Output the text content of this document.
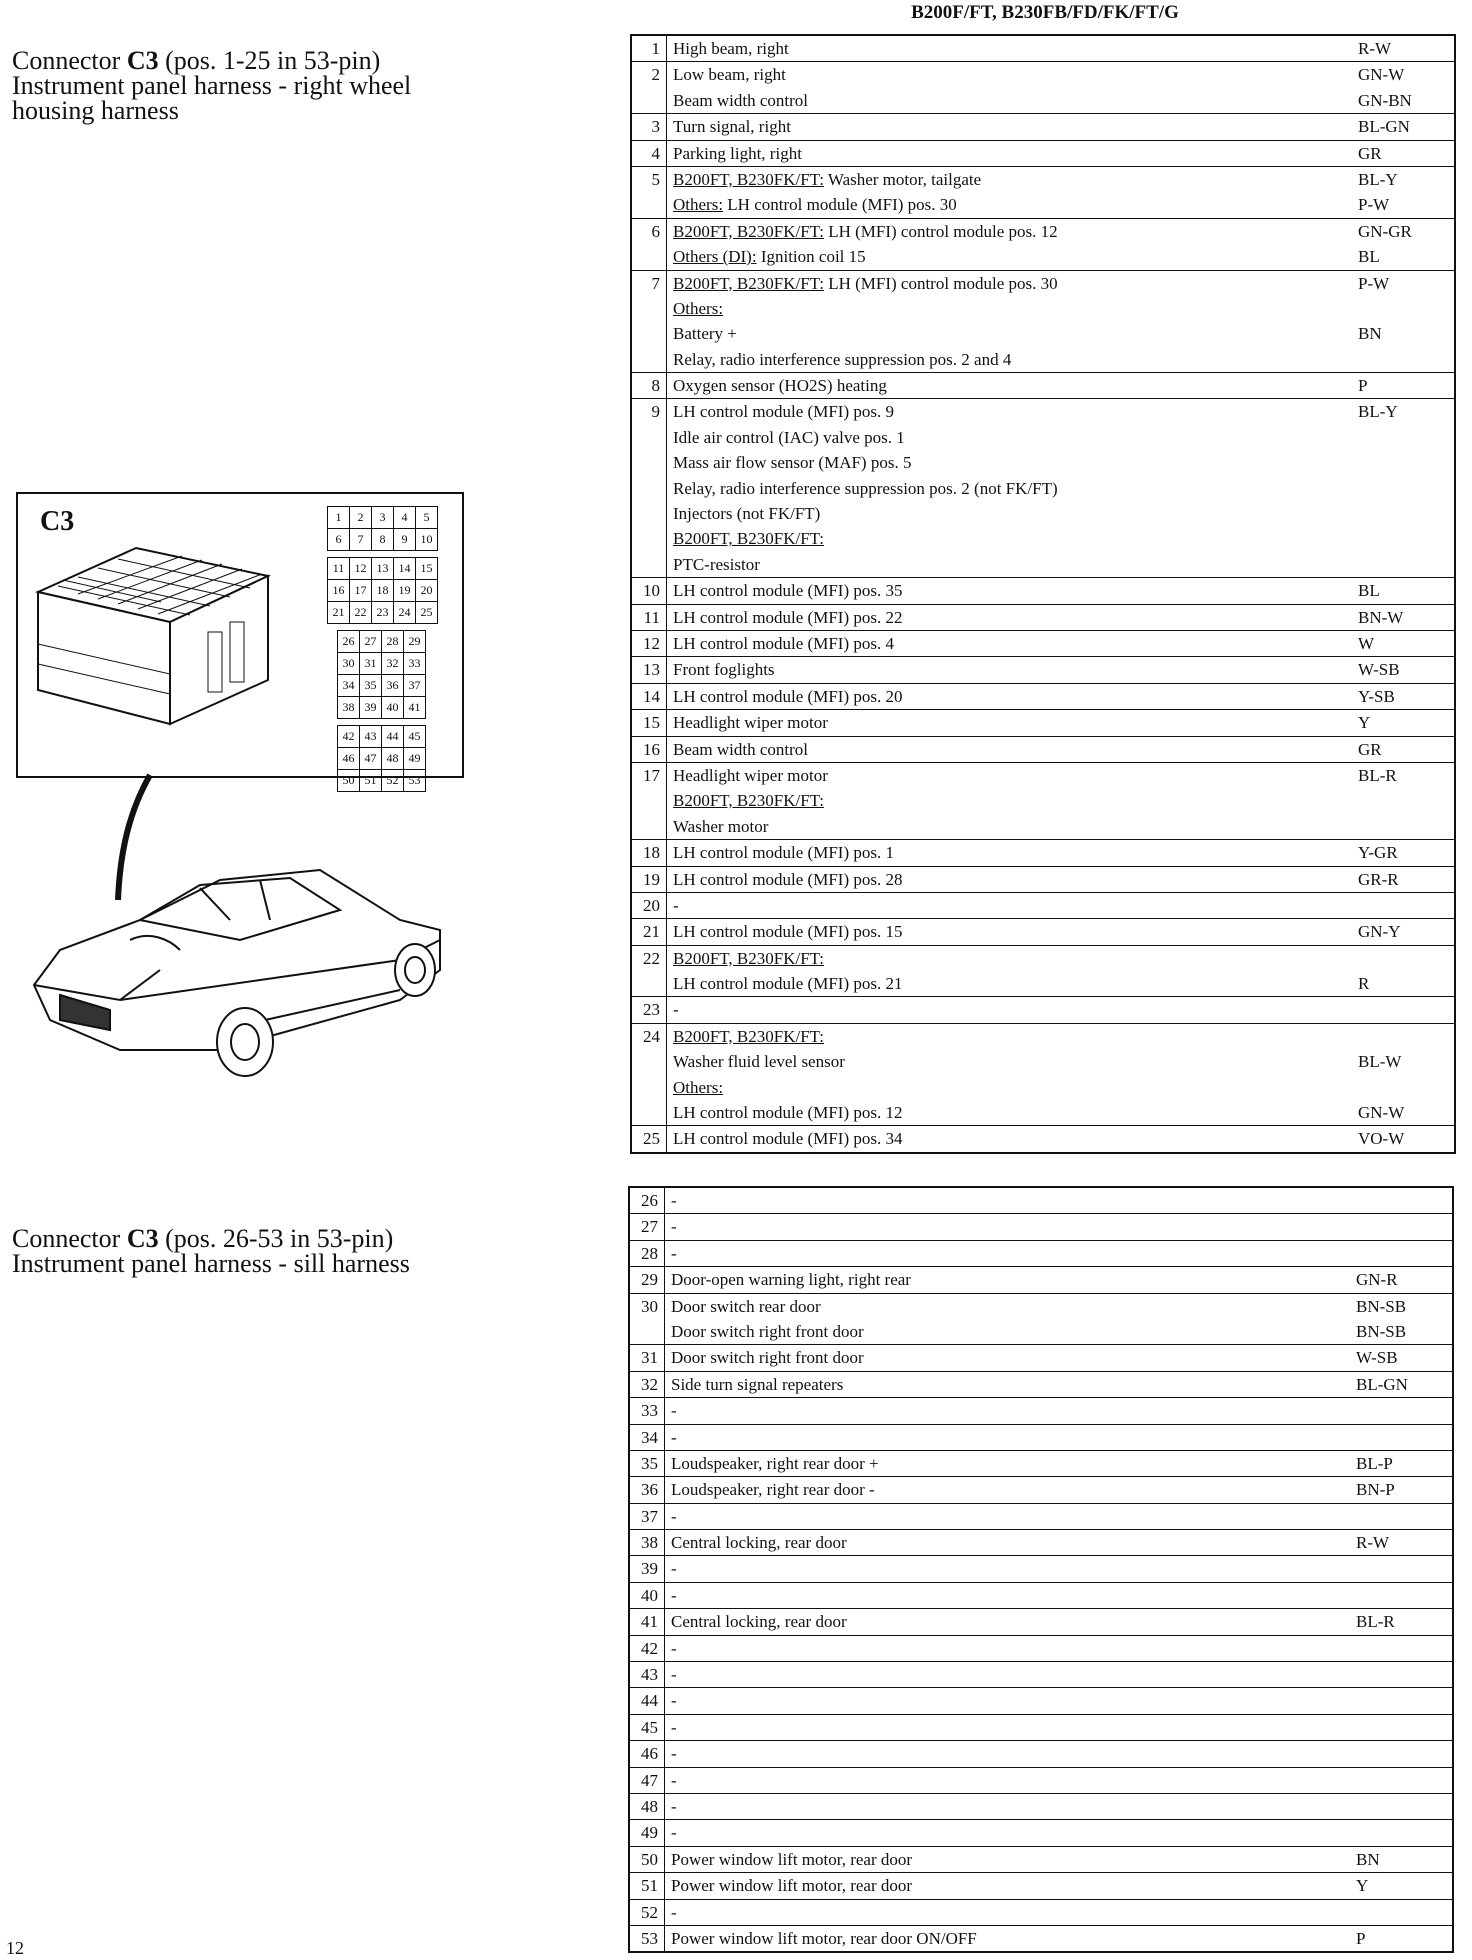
B200F/FT, B230FB/FD/FK/FT/G
Connector C3 (pos. 1-25 in 53-pin)
Instrument panel harness - right wheel
housing harness
C3	1	2	3	4	5
6	7	8	9	10
11 12 13 14 15
16 17 18 19 20
21 22 23 24 25
26 27 28 29
30 31 32 33
34 35 36 37
38 39 40 41
42 43 44 45
46 47 48 49
50 51 52 53
1	High beam, right	R-W
2	Low beam, right	GN-W
	Beam width control	GN-BN
3	Turn signal, right	BL-GN
4	Parking light, right	GR
5	B200FT, B230FK/FT: Washer motor, tailgate	BL-Y
	Others: LH control module (MFI) pos. 30	P-W
6	B200FT, B230FK/FT: LH (MFI) control module pos. 12	GN-GR
	Others (DI): Ignition coil 15	BL
7	B200FT, B230FK/FT: LH (MFI) control module pos. 30	P-W
	Others:	
	Battery +	BN
	Relay, radio interference suppression pos. 2 and 4	
8	Oxygen sensor (HO2S) heating	P
9	LH control module (MFI) pos. 9	BL-Y
	Idle air control (IAC) valve pos. 1	
	Mass air flow sensor (MAF) pos. 5	
	Relay, radio interference suppression pos. 2 (not FK/FT)	
	Injectors (not FK/FT)	
	B200FT, B230FK/FT:	
	PTC-resistor	
10	LH control module (MFI) pos. 35	BL
11	LH control module (MFI) pos. 22	BN-W
12	LH control module (MFI) pos. 4	W
13	Front foglights	W-SB
14	LH control module (MFI) pos. 20	Y-SB
15	Headlight wiper motor	Y
16	Beam width control	GR
17	Headlight wiper motor	BL-R
	B200FT, B230FK/FT:	
	Washer motor	
18	LH control module (MFI) pos. 1	Y-GR
19	LH control module (MFI) pos. 28	GR-R
20	-	
21	LH control module (MFI) pos. 15	GN-Y
22	B200FT, B230FK/FT:	
	LH control module (MFI) pos. 21	R
23	-	
24	B200FT, B230FK/FT:	
	Washer fluid level sensor	BL-W
	Others:	
	LH control module (MFI) pos. 12	GN-W
25	LH control module (MFI) pos. 34	VO-W
Connector C3 (pos. 26-53 in 53-pin)
Instrument panel harness - sill harness
26	-	
27	-	
28	-	
29	Door-open warning light, right rear	GN-R
30	Door switch rear door	BN-SB
	Door switch right front door	BN-SB
31	Door switch right front door	W-SB
32	Side turn signal repeaters	BL-GN
33	-	
34	-	
35	Loudspeaker, right rear door +	BL-P
36	Loudspeaker, right rear door -	BN-P
37	-	
38	Central locking, rear door	R-W
39	-	
40	-	
41	Central locking, rear door	BL-R
42	-	
43	-	
44	-	
45	-	
46	-	
47	-	
48	-	
49	-	
50	Power window lift motor, rear door	BN
51	Power window lift motor, rear door	Y
52	-	
53	Power window lift motor, rear door ON/OFF	P
12
